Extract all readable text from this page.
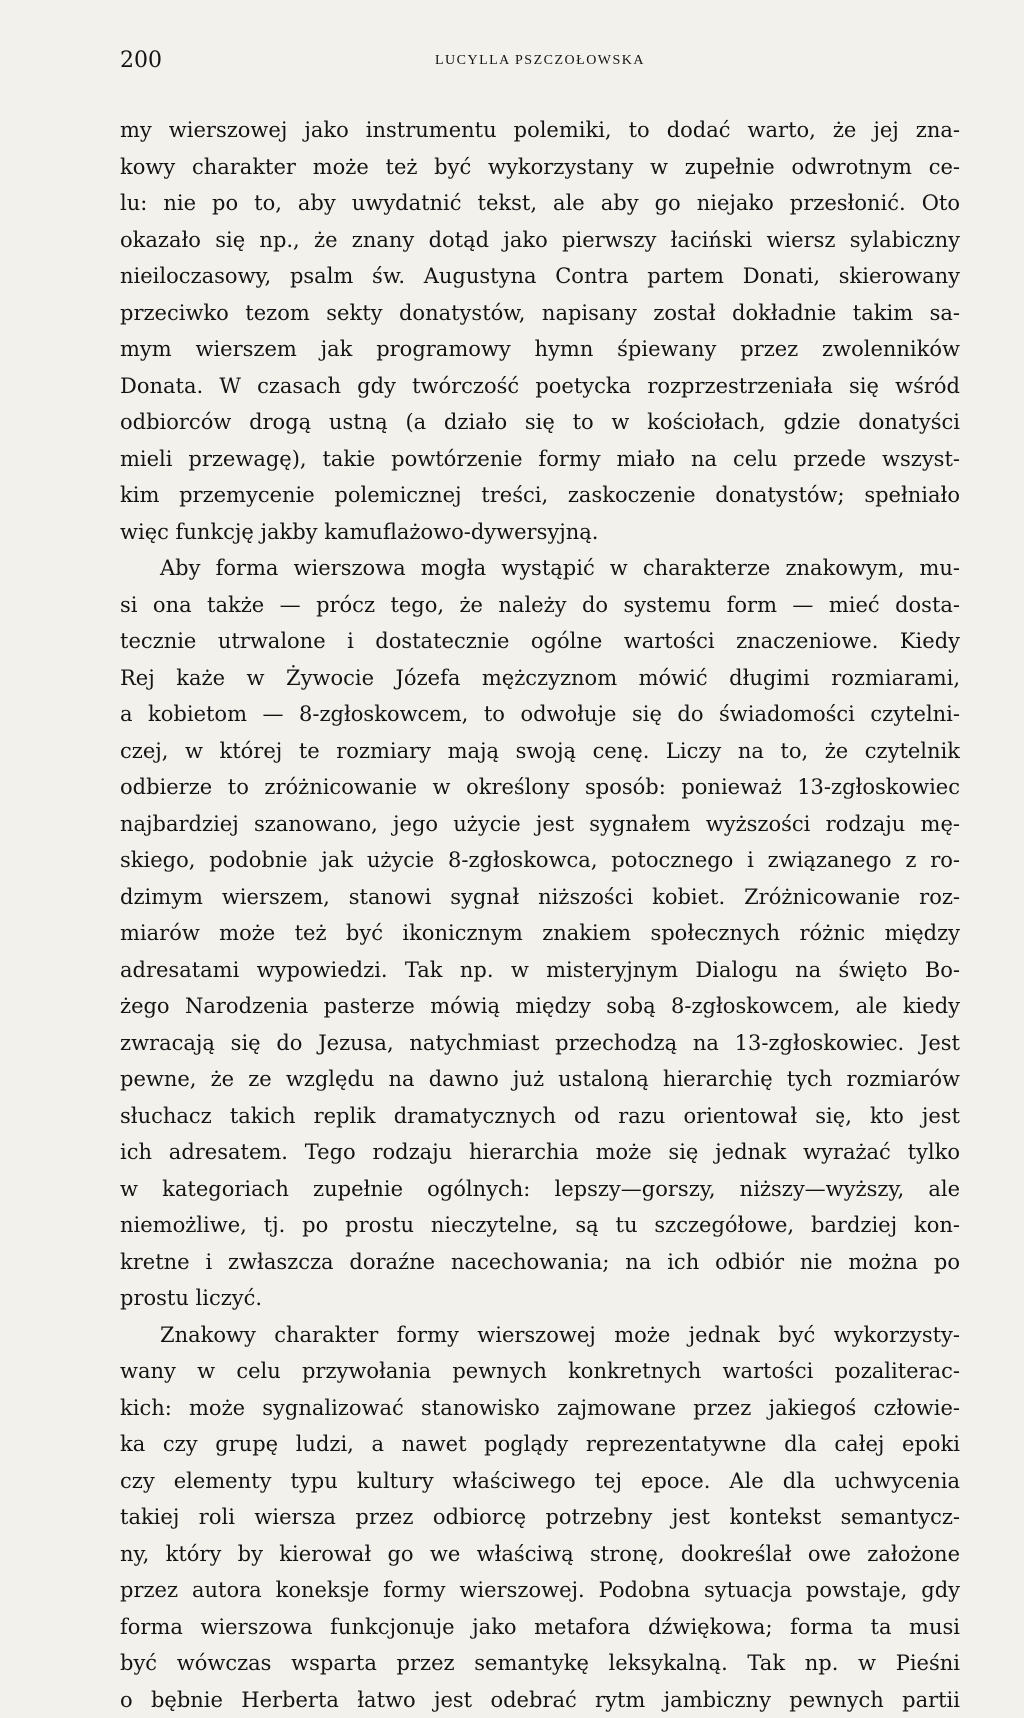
200	LUCYLLA PSZCZOŁOWSKA
my wierszowej jako instrumentu polemiki, to dodać warto, że jej zna-
kowy charakter może też być wykorzystany w zupełnie odwrotnym ce-
lu: nie po to, aby uwydatnić tekst, ale aby go niejako przesłonić. Oto
okazało się np., że znany dotąd jako pierwszy łaciński wiersz sylabiczny
nieiloczasowy, psalm św. Augustyna Contra partem Donati, skierowany
przeciwko tezom sekty donatystów, napisany został dokładnie takim sa-
mym wierszem jak programowy hymn śpiewany przez zwolenników
Donata. W czasach gdy twórczość poetycka rozprzestrzeniała się wśród
odbiorców drogą ustną (a działo się to w kościołach, gdzie donatyści
mieli przewagę), takie powtórzenie formy miało na celu przede wszyst-
kim przemycenie polemicznej treści, zaskoczenie donatystów; spełniało
więc funkcję jakby kamuflażowo-dywersyjną.
Aby forma wierszowa mogła wystąpić w charakterze znakowym, mu-
si ona także — prócz tego, że należy do systemu form — mieć dosta-
tecznie utrwalone i dostatecznie ogólne wartości znaczeniowe. Kiedy
Rej każe w Żywocie Józefa mężczyznom mówić długimi rozmiarami,
a kobietom — 8-zgłoskowcem, to odwołuje się do świadomości czytelni-
czej, w której te rozmiary mają swoją cenę. Liczy na to, że czytelnik
odbierze to zróżnicowanie w określony sposób: ponieważ 13-zgłoskowiec
najbardziej szanowano, jego użycie jest sygnałem wyższości rodzaju mę-
skiego, podobnie jak użycie 8-zgłoskowca, potocznego i związanego z ro-
dzimym wierszem, stanowi sygnał niższości kobiet. Zróżnicowanie roz-
miarów może też być ikonicznym znakiem społecznych różnic między
adresatami wypowiedzi. Tak np. w misteryjnym Dialogu na święto Bo-
żego Narodzenia pasterze mówią między sobą 8-zgłoskowcem, ale kiedy
zwracają się do Jezusa, natychmiast przechodzą na 13-zgłoskowiec. Jest
pewne, że ze względu na dawno już ustaloną hierarchię tych rozmiarów
słuchacz takich replik dramatycznych od razu orientował się, kto jest
ich adresatem. Tego rodzaju hierarchia może się jednak wyrażać tylko
w kategoriach zupełnie ogólnych: lepszy—gorszy, niższy—wyższy, ale
niemożliwe, tj. po prostu nieczytelne, są tu szczegółowe, bardziej kon-
kretne i zwłaszcza doraźne nacechowania; na ich odbiór nie można po
prostu liczyć.
Znakowy charakter formy wierszowej może jednak być wykorzysty-
wany w celu przywołania pewnych konkretnych wartości pozaliterac-
kich: może sygnalizować stanowisko zajmowane przez jakiegoś człowie-
ka czy grupę ludzi, a nawet poglądy reprezentatywne dla całej epoki
czy elementy typu kultury właściwego tej epoce. Ale dla uchwycenia
takiej roli wiersza przez odbiorcę potrzebny jest kontekst semantycz-
ny, który by kierował go we właściwą stronę, dookreślał owe założone
przez autora koneksje formy wierszowej. Podobna sytuacja powstaje, gdy
forma wierszowa funkcjonuje jako metafora dźwiękowa; forma ta musi
być wówczas wsparta przez semantykę leksykalną. Tak np. w Pieśni
o bębnie Herberta łatwo jest odebrać rytm jambiczny pewnych partii
